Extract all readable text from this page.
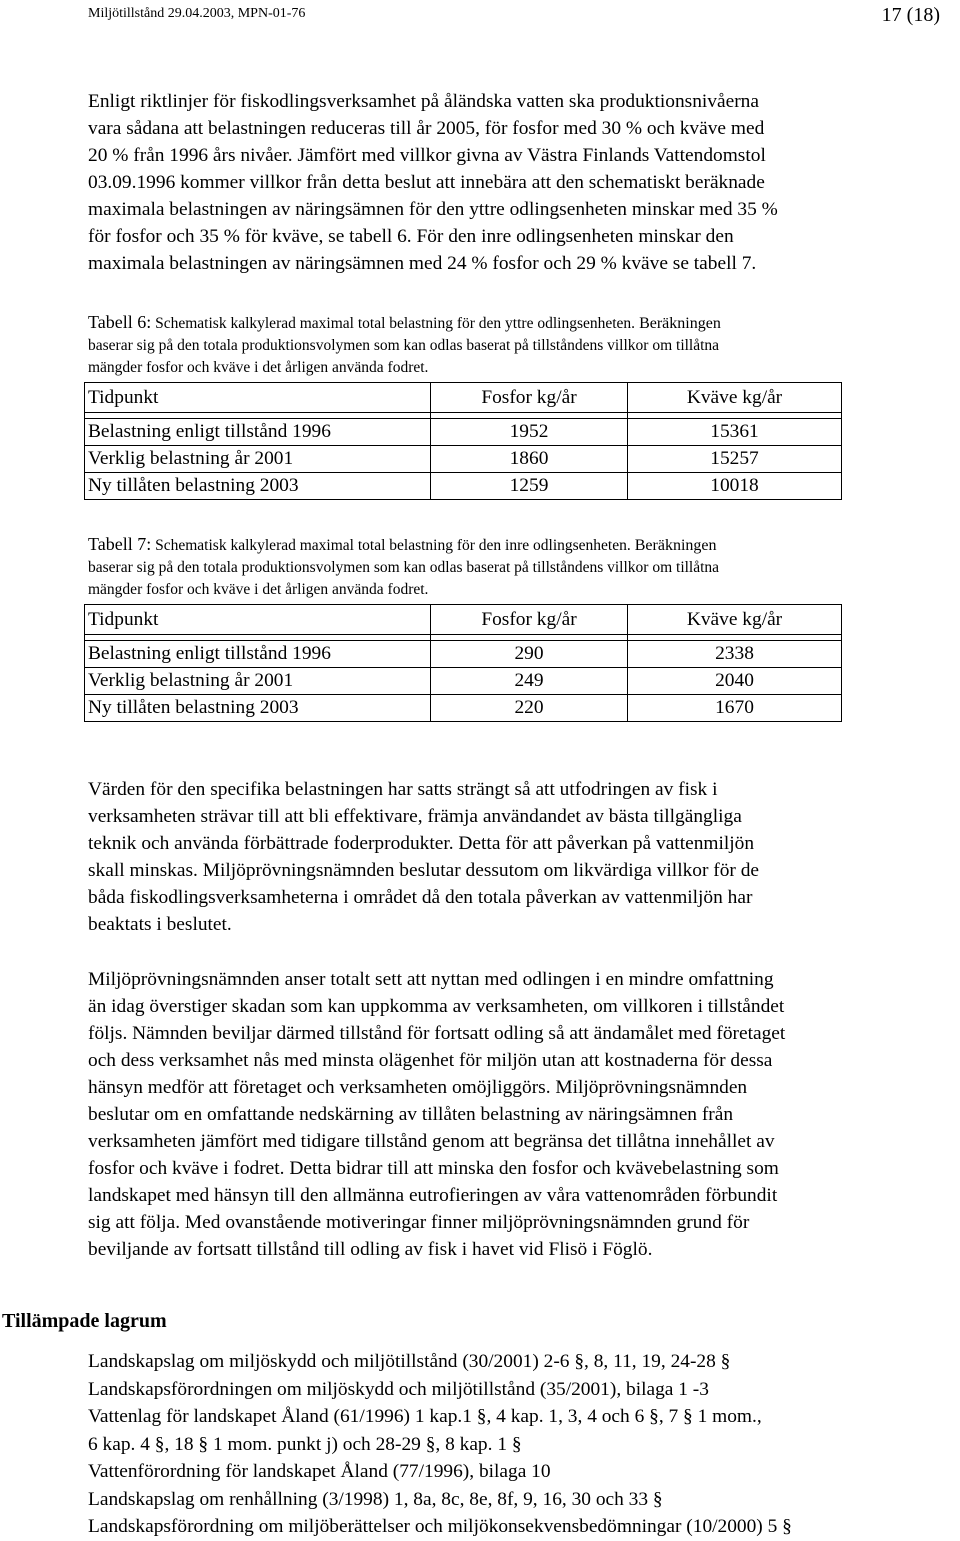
Miljötillstånd 29.04.2003, MPN-01-76	17 (18)
Enligt riktlinjer för fiskodlingsverksamhet på åländska vatten ska produktionsnivåerna
vara sådana att belastningen reduceras till år 2005, för fosfor med 30 % och kväve med
20 % från 1996 års nivåer. Jämfört med villkor givna av Västra Finlands Vattendomstol
03.09.1996 kommer villkor från detta beslut att innebära att den schematiskt beräknade
maximala belastningen av näringsämnen för den yttre odlingsenheten minskar med 35 %
för fosfor och 35 % för kväve, se tabell 6. För den inre odlingsenheten minskar den
maximala belastningen av näringsämnen med 24 % fosfor och 29 % kväve se tabell 7.
Tabell 6: Schematisk kalkylerad maximal total belastning för den yttre odlingsenheten. Beräkningen
baserar sig på den totala produktionsvolymen som kan odlas baserat på tillståndens villkor om tillåtna
mängder fosfor och kväve i det årligen använda fodret.
Tidpunkt	Fosfor kg/år	Kväve kg/år

Belastning enligt tillstånd 1996	1952	15361
Verklig belastning år 2001	1860	15257
Ny tillåten belastning 2003	1259	10018
Tabell 7: Schematisk kalkylerad maximal total belastning för den inre odlingsenheten. Beräkningen
baserar sig på den totala produktionsvolymen som kan odlas baserat på tillståndens villkor om tillåtna
mängder fosfor och kväve i det årligen använda fodret.
Tidpunkt	Fosfor kg/år	Kväve kg/år

Belastning enligt tillstånd 1996	290	2338
Verklig belastning år 2001	249	2040
Ny tillåten belastning 2003	220	1670
Värden för den specifika belastningen har satts strängt så att utfodringen av fisk i
verksamheten strävar till att bli effektivare, främja användandet av bästa tillgängliga
teknik och använda förbättrade foderprodukter. Detta för att påverkan på vattenmiljön
skall minskas. Miljöprövningsnämnden beslutar dessutom om likvärdiga villkor för de
båda fiskodlingsverksamheterna i området då den totala påverkan av vattenmiljön har
beaktats i beslutet.
Miljöprövningsnämnden anser totalt sett att nyttan med odlingen i en mindre omfattning
än idag överstiger skadan som kan uppkomma av verksamheten, om villkoren i tillståndet
följs. Nämnden beviljar därmed tillstånd för fortsatt odling så att ändamålet med företaget
och dess verksamhet nås med minsta olägenhet för miljön utan att kostnaderna för dessa
hänsyn medför att företaget och verksamheten omöjliggörs. Miljöprövningsnämnden
beslutar om en omfattande nedskärning av tillåten belastning av näringsämnen från
verksamheten jämfört med tidigare tillstånd genom att begränsa det tillåtna innehållet av
fosfor och kväve i fodret. Detta bidrar till att minska den fosfor och kvävebelastning som
landskapet med hänsyn till den allmänna eutrofieringen av våra vattenområden förbundit
sig att följa. Med ovanstående motiveringar finner miljöprövningsnämnden grund för
beviljande av fortsatt tillstånd till odling av fisk i havet vid Flisö i Föglö.
Tillämpade lagrum
Landskapslag om miljöskydd och miljötillstånd (30/2001) 2-6 §, 8, 11, 19, 24-28 §
Landskapsförordningen om miljöskydd och miljötillstånd (35/2001), bilaga 1 -3
Vattenlag för landskapet Åland (61/1996) 1 kap.1 §, 4 kap. 1, 3, 4 och 6 §, 7 § 1 mom.,
6 kap. 4 §, 18 § 1 mom. punkt j) och 28-29 §, 8 kap. 1 §
Vattenförordning för landskapet Åland (77/1996), bilaga 10
Landskapslag om renhållning (3/1998) 1, 8a, 8c, 8e, 8f, 9, 16, 30 och 33 §
Landskapsförordning om miljöberättelser och miljökonsekvensbedömningar (10/2000) 5 §
